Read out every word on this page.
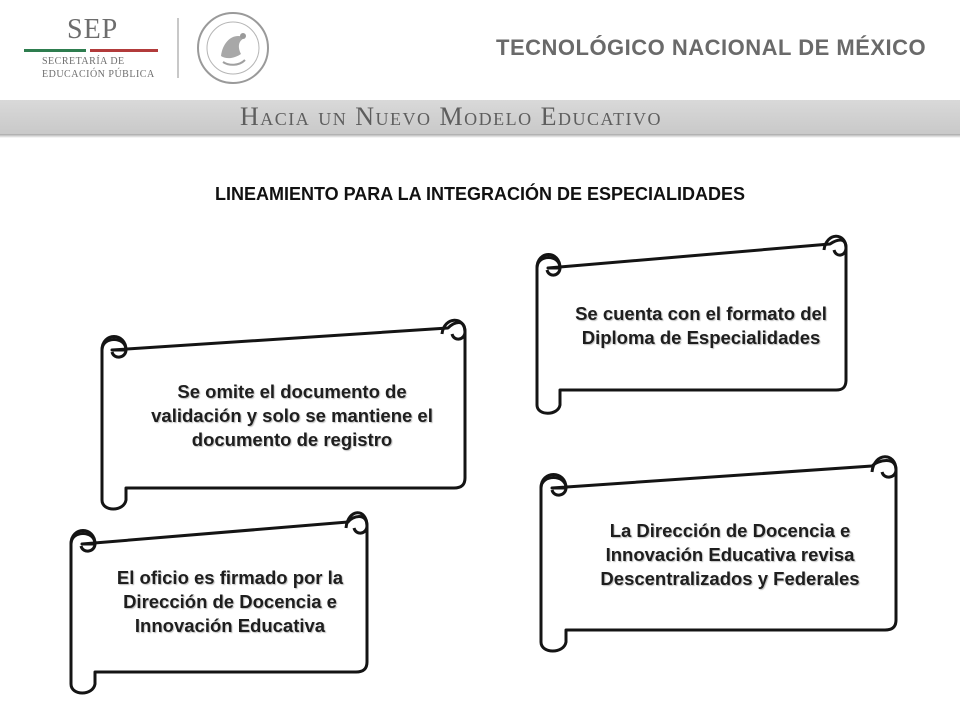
SEP
SECRETARÍA DE
EDUCACIÓN PÚBLICA
TECNOLÓGICO NACIONAL DE MÉXICO
Hacia un Nuevo Modelo Educativo
LINEAMIENTO PARA LA INTEGRACIÓN DE ESPECIALIDADES
Se cuenta con el formato del Diploma de Especialidades
Se omite el documento de validación y solo se mantiene el documento de registro
La Dirección de Docencia e Innovación Educativa revisa Descentralizados y Federales
El oficio es firmado por la Dirección de Docencia e Innovación Educativa
